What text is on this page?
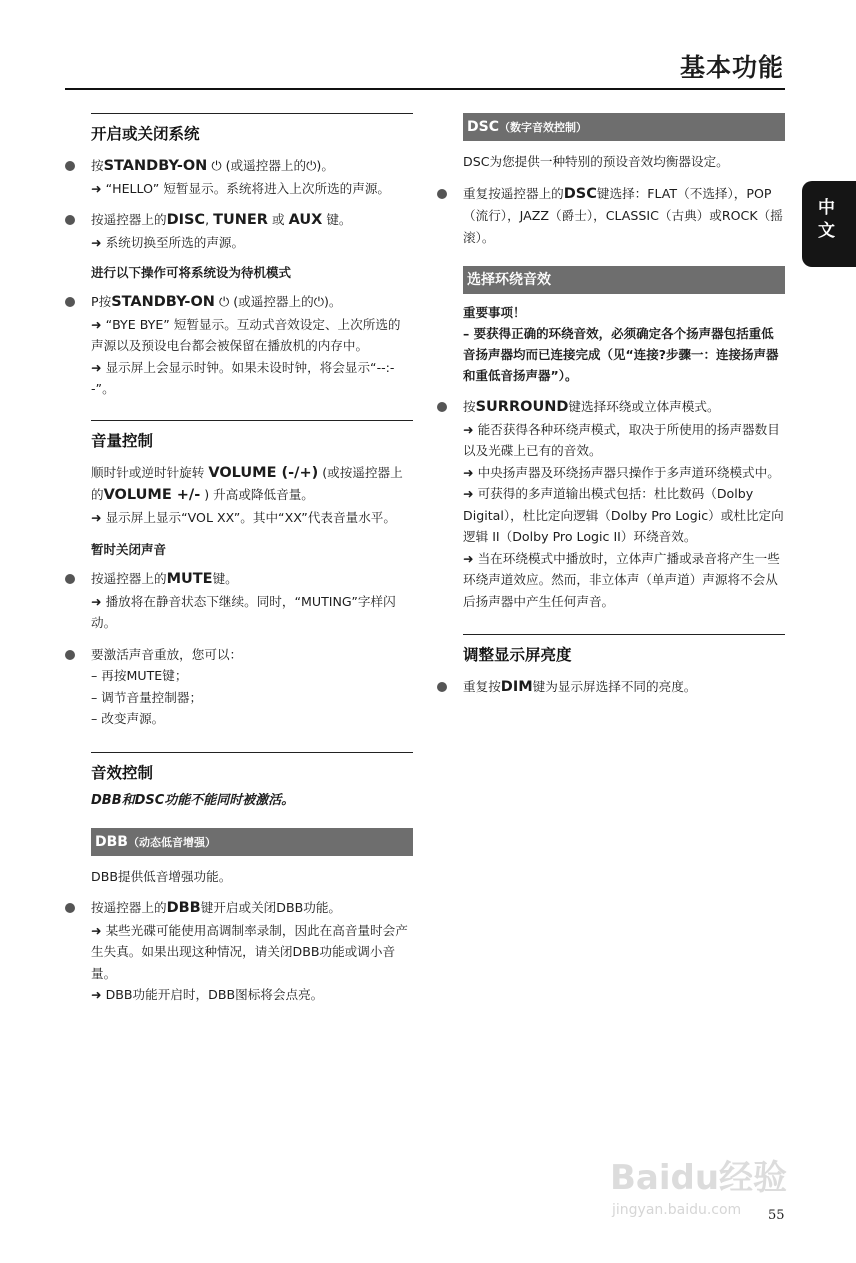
基本功能
中文
开启或关闭系统
按STANDBY-ON ⏻ (或遥控器上的⏻)。
➜ “HELLO” 短暂显示。系统将进入上次所选的声源。
按遥控器上的DISC, TUNER 或 AUX 键。
➜ 系统切换至所选的声源。
进行以下操作可将系统设为待机模式
P按STANDBY-ON ⏻ (或遥控器上的⏻)。
➜ “BYE BYE” 短暂显示。互动式音效设定、上次所选的声源以及预设电台都会被保留在播放机的内存中。
➜ 显示屏上会显示时钟。如果未设时钟，将会显示“--:--”。
音量控制

顺时针或逆时针旋转 VOLUME (-/+) (或按遥控器上的VOLUME +/- ) 升高或降低音量。
➜ 显示屏上显示“VOL XX”。其中“XX”代表音量水平。

暂时关闭声音
按遥控器上的MUTE键。
➜ 播放将在静音状态下继续。同时，“MUTING”字样闪动。
要激活声音重放，您可以：
– 再按MUTE键；
– 调节音量控制器；
– 改变声源。
音效控制
DBB和DSC功能不能同时被激活。
DBB（动态低音增强）

DBB提供低音增强功能。

按遥控器上的DBB键开启或关闭DBB功能。
➜ 某些光碟可能使用高调制率录制，因此在高音量时会产生失真。如果出现这种情况，请关闭DBB功能或调小音量。
➜ DBB功能开启时，DBB图标将会点亮。
DSC（数字音效控制）

DSC为您提供一种特别的预设音效均衡器设定。

重复按遥控器上的DSC键选择：FLAT（不选择），POP（流行），JAZZ（爵士），CLASSIC（古典）或ROCK（摇滚）。
选择环绕音效
重要事项！
– 要获得正确的环绕音效，必须确定各个扬声器包括重低音扬声器均而已连接完成（见“连接?步骤一：连接扬声器和重低音扬声器”）。
按SURROUND键选择环绕或立体声模式。
➜ 能否获得各种环绕声模式，取决于所使用的扬声器数目以及光碟上已有的音效。
➜ 中央扬声器及环绕扬声器只操作于多声道环绕模式中。
➜ 可获得的多声道输出模式包括：杜比数码（Dolby Digital），杜比定向逻辑（Dolby Pro Logic）或杜比定向逻辑 II（Dolby Pro Logic II）环绕音效。
➜ 当在环绕模式中播放时，立体声广播或录音将产生一些环绕声道效应。然而，非立体声（单声道）声源将不会从后扬声器中产生任何声音。
调整显示屏亮度
重复按DIM键为显示屏选择不同的亮度。
Baidu经验
jingyan.baidu.com 55
